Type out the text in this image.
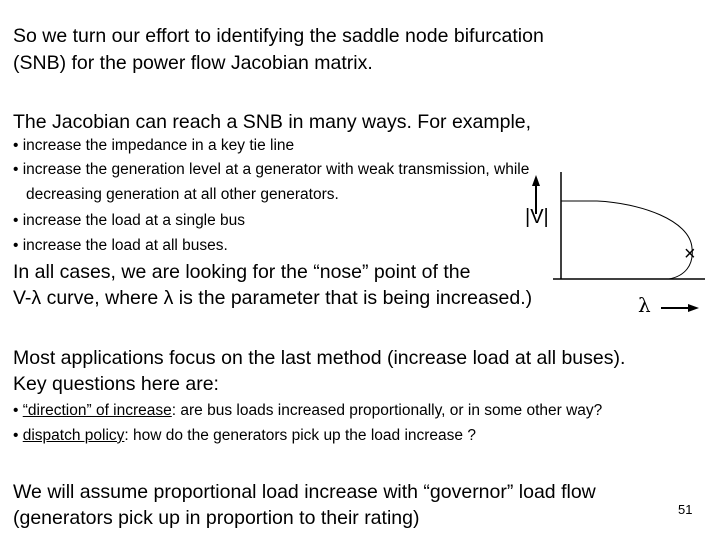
So we turn our effort to identifying the saddle node bifurcation
(SNB) for the power flow Jacobian matrix.
The Jacobian can reach a SNB in many ways. For example,
• increase the impedance in a key tie line
• increase the generation level at a generator with weak transmission, while
decreasing generation at all other generators.
• increase the load at a single bus
• increase the load at all buses.
In all cases, we are looking for the “nose” point of the
V-λ curve, where λ is the parameter that is being increased.)
|V|
×
λ
Most applications focus on the last method (increase load at all buses).
Key questions here are:
• “direction” of increase: are bus loads increased proportionally, or in some other way?
• dispatch policy: how do the generators pick up the load increase ?
We will assume proportional load increase with “governor” load flow
(generators pick up in proportion to their rating)	51
